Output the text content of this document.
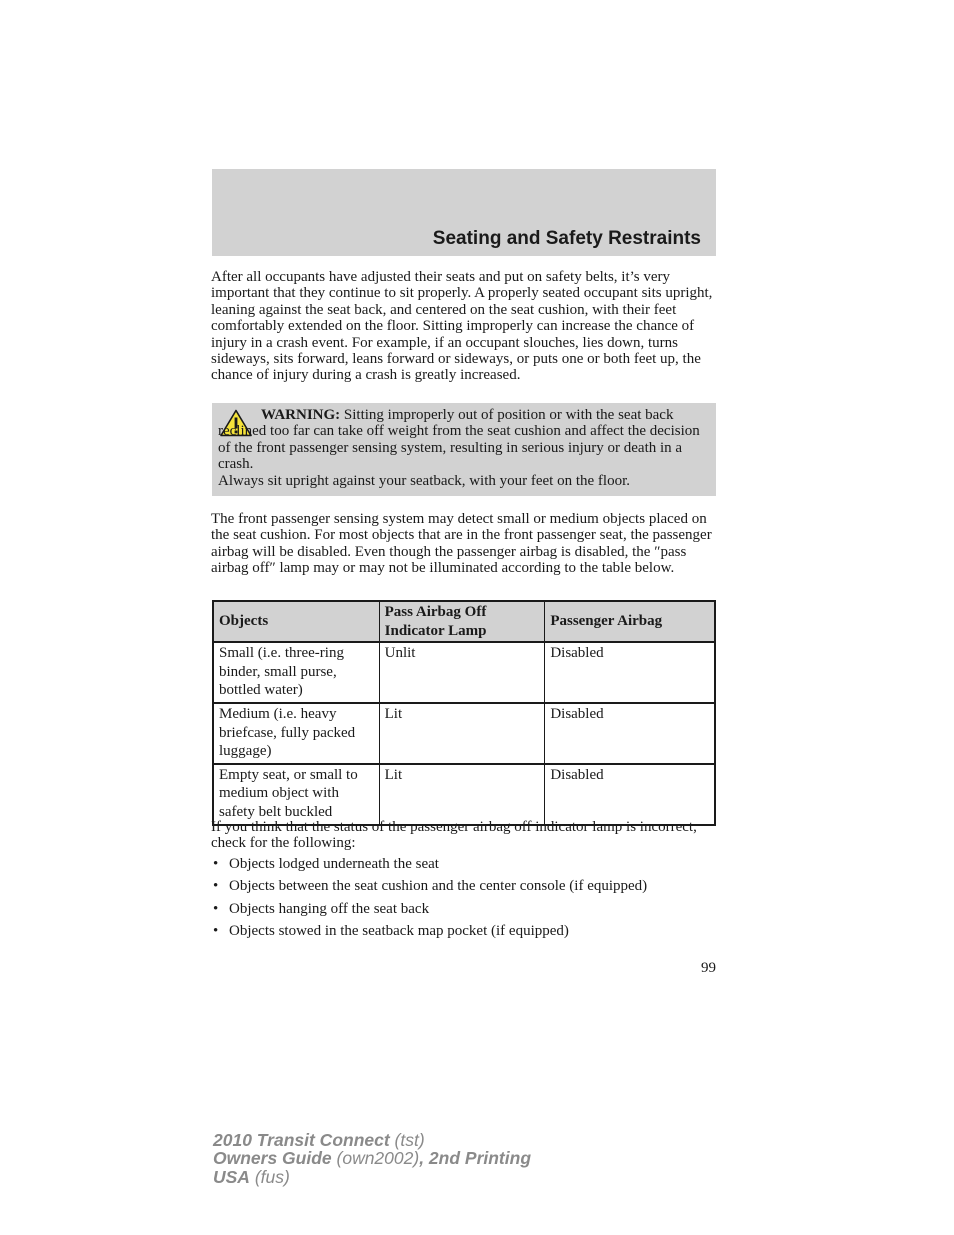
Seating and Safety Restraints

After all occupants have adjusted their seats and put on safety belts, it’s very important that they continue to sit properly. A properly seated occupant sits upright, leaning against the seat back, and centered on the seat cushion, with their feet comfortably extended on the floor. Sitting improperly can increase the chance of injury in a crash event. For example, if an occupant slouches, lies down, turns sideways, sits forward, leans forward or sideways, or puts one or both feet up, the chance of injury during a crash is greatly increased.

WARNING: Sitting improperly out of position or with the seat back reclined too far can take off weight from the seat cushion and affect the decision of the front passenger sensing system, resulting in serious injury or death in a crash.

Always sit upright against your seatback, with your feet on the floor.

The front passenger sensing system may detect small or medium objects placed on the seat cushion. For most objects that are in the front passenger seat, the passenger airbag will be disabled. Even though the passenger airbag is disabled, the ″pass airbag off″ lamp may or may not be illuminated according to the table below.

Objects	Pass Airbag Off Indicator Lamp	Passenger Airbag
Small (i.e. three-ring binder, small purse, bottled water)	Unlit	Disabled
Medium (i.e. heavy briefcase, fully packed luggage)	Lit	Disabled
Empty seat, or small to medium object with safety belt buckled	Lit	Disabled

If you think that the status of the passenger airbag off indicator lamp is incorrect, check for the following:

• Objects lodged underneath the seat
• Objects between the seat cushion and the center console (if equipped)
• Objects hanging off the seat back
• Objects stowed in the seatback map pocket (if equipped)

99

2010 Transit Connect (tst)
Owners Guide (own2002), 2nd Printing
USA (fus)
